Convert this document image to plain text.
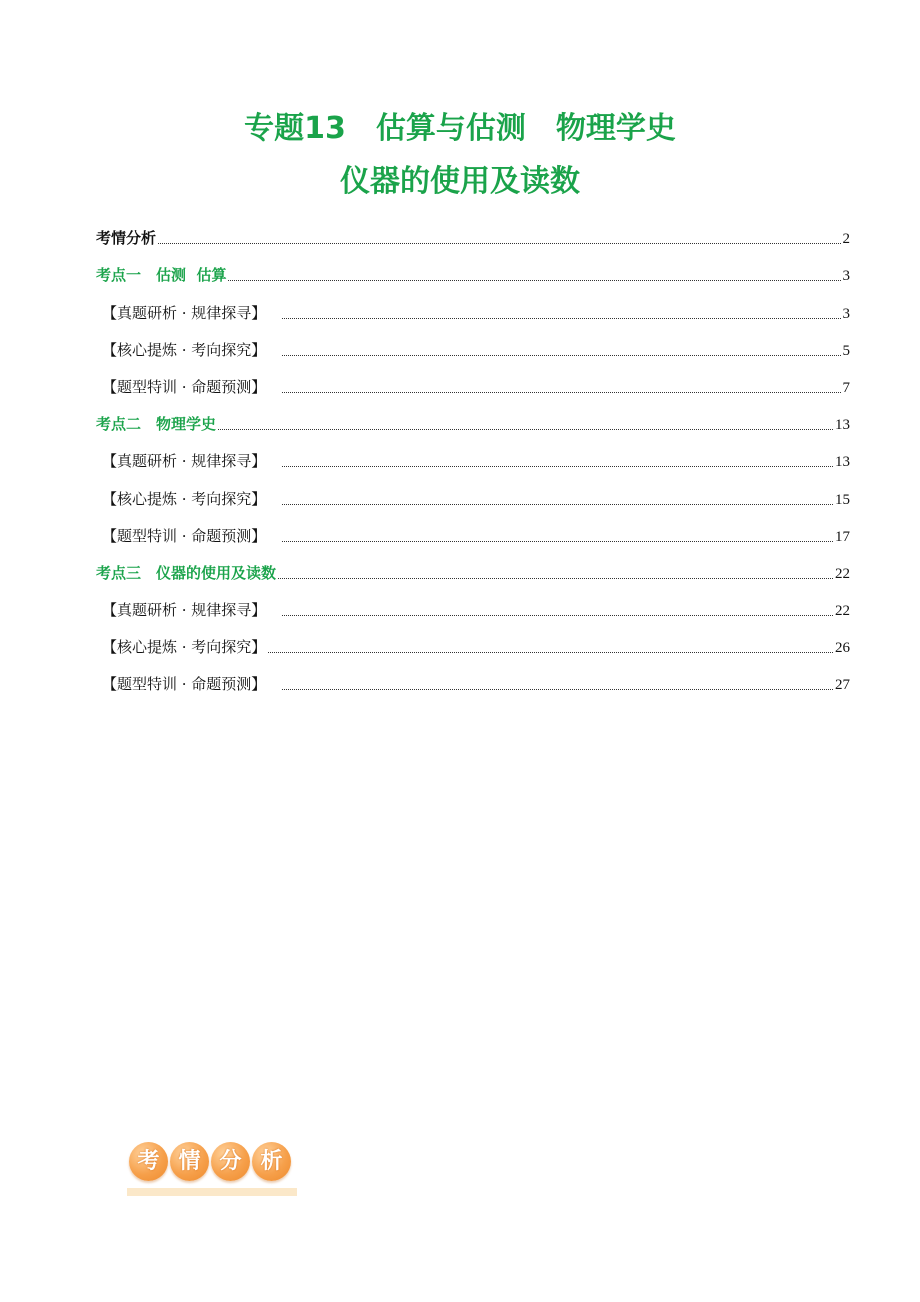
专题13　估算与估测　物理学史
仪器的使用及读数
考情分析	2
考点一　估测  估算	3
【真题研析 · 规律探寻】	3
【核心提炼 · 考向探究】	5
【题型特训 · 命题预测】	7
考点二　物理学史	13
【真题研析 · 规律探寻】	13
【核心提炼 · 考向探究】	15
【题型特训 · 命题预测】	17
考点三　仪器的使用及读数	22
【真题研析 · 规律探寻】	22
【核心提炼 · 考向探究】	26
【题型特训 · 命题预测】	27
考 情 分 析
